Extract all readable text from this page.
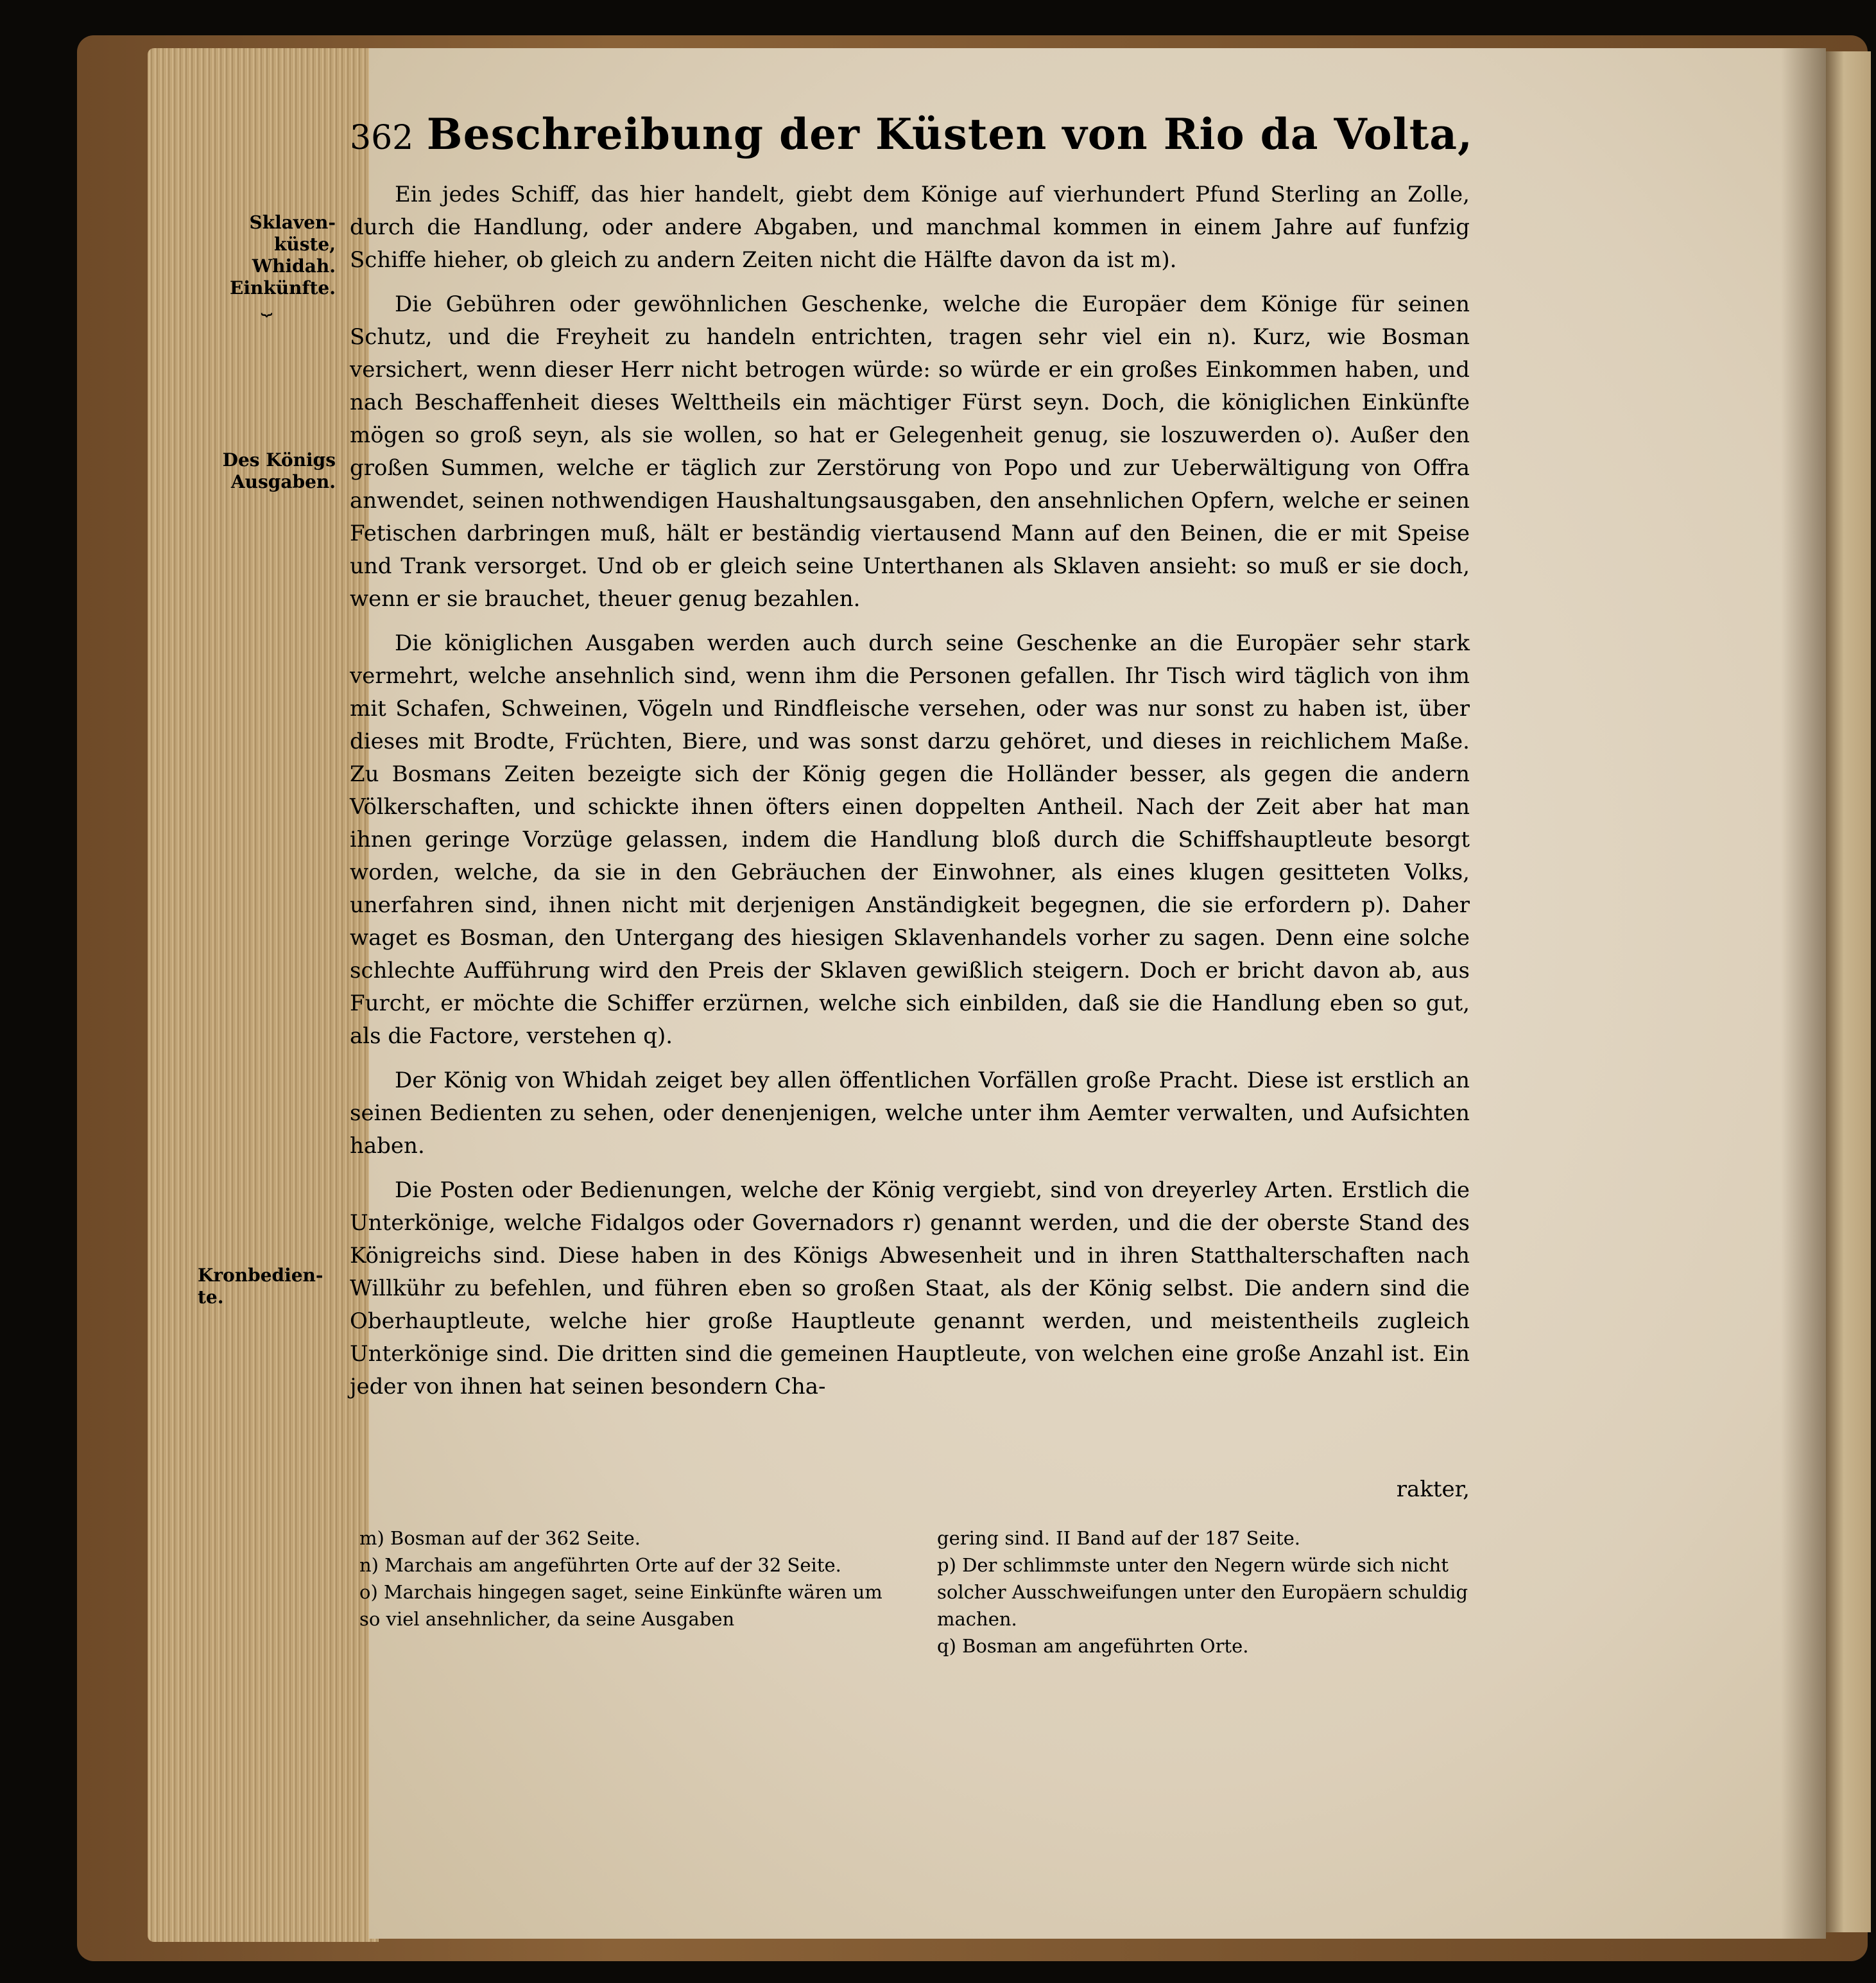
362 Beschreibung der Küsten von Rio da Volta,
Sklaven- küste, Whidah. Einkünfte.
⏟
Des Königs Ausgaben.
Kronbedien- te.

Ein jedes Schiff, das hier handelt, giebt dem Könige auf vierhundert Pfund Sterling an Zolle, durch die Handlung, oder andere Abgaben, und manchmal kommen in einem Jahre auf funfzig Schiffe hieher, ob gleich zu andern Zeiten nicht die Hälfte davon da ist m).

Die Gebühren oder gewöhnlichen Geschenke, welche die Europäer dem Könige für seinen Schutz, und die Freyheit zu handeln entrichten, tragen sehr viel ein n). Kurz, wie Bosman versichert, wenn dieser Herr nicht betrogen würde: so würde er ein großes Einkommen haben, und nach Beschaffenheit dieses Welttheils ein mächtiger Fürst seyn. Doch, die königlichen Einkünfte mögen so groß seyn, als sie wollen, so hat er Gelegenheit genug, sie loszuwerden o). Außer den großen Summen, welche er täglich zur Zerstörung von Popo und zur Ueberwältigung von Offra anwendet, seinen nothwendigen Haushaltungsausgaben, den ansehnlichen Opfern, welche er seinen Fetischen darbringen muß, hält er beständig viertausend Mann auf den Beinen, die er mit Speise und Trank versorget. Und ob er gleich seine Unterthanen als Sklaven ansieht: so muß er sie doch, wenn er sie brauchet, theuer genug bezahlen.

Die königlichen Ausgaben werden auch durch seine Geschenke an die Europäer sehr stark vermehrt, welche ansehnlich sind, wenn ihm die Personen gefallen. Ihr Tisch wird täglich von ihm mit Schafen, Schweinen, Vögeln und Rindfleische versehen, oder was nur sonst zu haben ist, über dieses mit Brodte, Früchten, Biere, und was sonst darzu gehöret, und dieses in reichlichem Maße. Zu Bosmans Zeiten bezeigte sich der König gegen die Holländer besser, als gegen die andern Völkerschaften, und schickte ihnen öfters einen doppelten Antheil. Nach der Zeit aber hat man ihnen geringe Vorzüge gelassen, indem die Handlung bloß durch die Schiffshauptleute besorgt worden, welche, da sie in den Gebräuchen der Einwohner, als eines klugen gesitteten Volks, unerfahren sind, ihnen nicht mit derjenigen Anständigkeit begegnen, die sie erfordern p). Daher waget es Bosman, den Untergang des hiesigen Sklavenhandels vorher zu sagen. Denn eine solche schlechte Aufführung wird den Preis der Sklaven gewißlich steigern. Doch er bricht davon ab, aus Furcht, er möchte die Schiffer erzürnen, welche sich einbilden, daß sie die Handlung eben so gut, als die Factore, verstehen q).

Der König von Whidah zeiget bey allen öffentlichen Vorfällen große Pracht. Diese ist erstlich an seinen Bedienten zu sehen, oder denenjenigen, welche unter ihm Aemter verwalten, und Aufsichten haben.

Die Posten oder Bedienungen, welche der König vergiebt, sind von dreyerley Arten. Erstlich die Unterkönige, welche Fidalgos oder Governadors r) genannt werden, und die der oberste Stand des Königreichs sind. Diese haben in des Königs Abwesenheit und in ihren Statthalterschaften nach Willkühr zu befehlen, und führen eben so großen Staat, als der König selbst. Die andern sind die Oberhauptleute, welche hier große Hauptleute genannt werden, und meistentheils zugleich Unterkönige sind. Die dritten sind die gemeinen Hauptleute, von welchen eine große Anzahl ist. Ein jeder von ihnen hat seinen besondern Cha-

rakter,
m) Bosman auf der 362 Seite.
n) Marchais am angeführten Orte auf der 32 Seite.
o) Marchais hingegen saget, seine Einkünfte wären um so viel ansehnlicher, da seine Ausgaben
gering sind. II Band auf der 187 Seite.
p) Der schlimmste unter den Negern würde sich nicht solcher Ausschweifungen unter den Europäern schuldig machen.
q) Bosman am angeführten Orte.
